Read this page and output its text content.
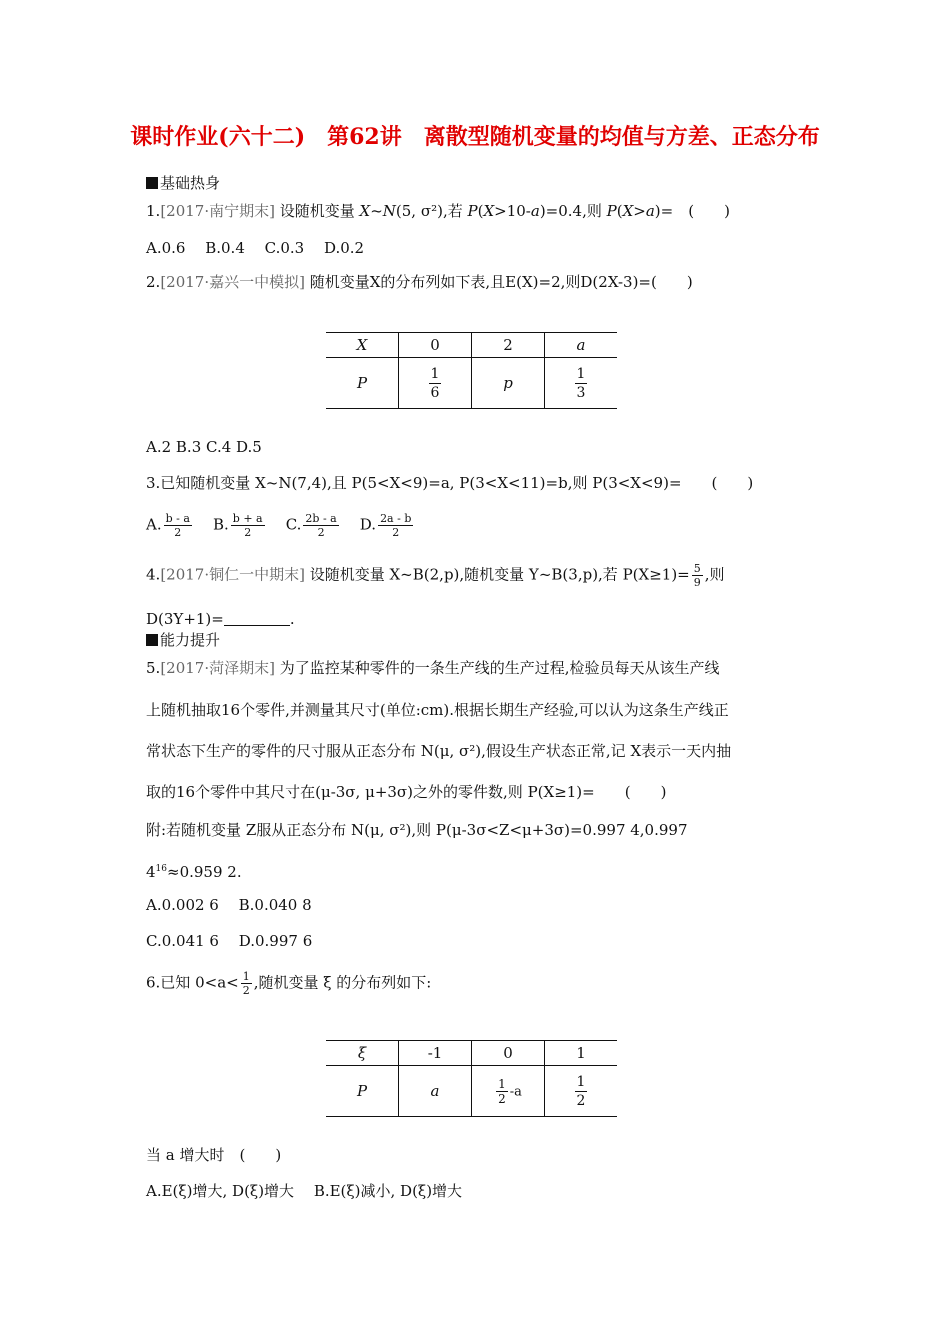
课时作业(六十二)　第62讲　离散型随机变量的均值与方差、正态分布
基础热身
1.[2017·南宁期末] 设随机变量 X~N(5, σ²),若 P(X>10-a)=0.4,则 P(X>a)=　(　　)
A.0.6　 B.0.4　 C.0.3　 D.0.2
2.[2017·嘉兴一中模拟] 随机变量X的分布列如下表,且E(X)=2,则D(2X-3)=(　　)
X	0	2	a
P	$\frac{1}{6}$	p	$\frac{1}{3}$
A.2 B.3 C.4 D.5
3.已知随机变量 X~N(7,4),且 P(5<X<9)=a, P(3<X<11)=b,则 P(3<X<9)=　　(　　)
A. $\frac{b - a}{2} B$. $\frac{b + a}{2} C$. $\frac{2b - a}{2} D$. $\frac{2a - b}{2}$
4.[2017·铜仁一中期末] 设随机变量 X~B(2,p),随机变量 Y~B(3,p),若 $P(X\ge 1)= \frac{5}{9}$ ,则
D(3Y+1)=	.
能力提升
5.[2017·菏泽期末] 为了监控某种零件的一条生产线的生产过程,检验员每天从该生产线
上随机抽取16个零件,并测量其尺寸(单位:cm).根据长期生产经验,可以认为这条生产线正
常状态下生产的零件的尺寸服从正态分布 N(μ, σ²),假设生产状态正常,记 X表示一天内抽
取的16个零件中其尺寸在(μ-3σ, μ+3σ)之外的零件数,则 P(X≥1)=　　(　　)
附:若随机变量 Z服从正态分布 N(μ, σ²),则 P(μ-3σ<Z<μ+3σ)=0.997 4,0.997
$4^{16}\approx 0.959$ 2.
A.0.002 6　 B.0.040 8
C.0.041 6　 D.0.997 6
6.已知 $0<a< \frac{1}{2}$ ,随机变量 ξ 的分布列如下:
ξ	-1	0	1
P	a	$\frac{1}{2} -a$	$\frac{1}{2}$
当 a 增大时　(　　)
A.E(ξ)增大, D(ξ)增大　 B.E(ξ)减小, D(ξ)增大
